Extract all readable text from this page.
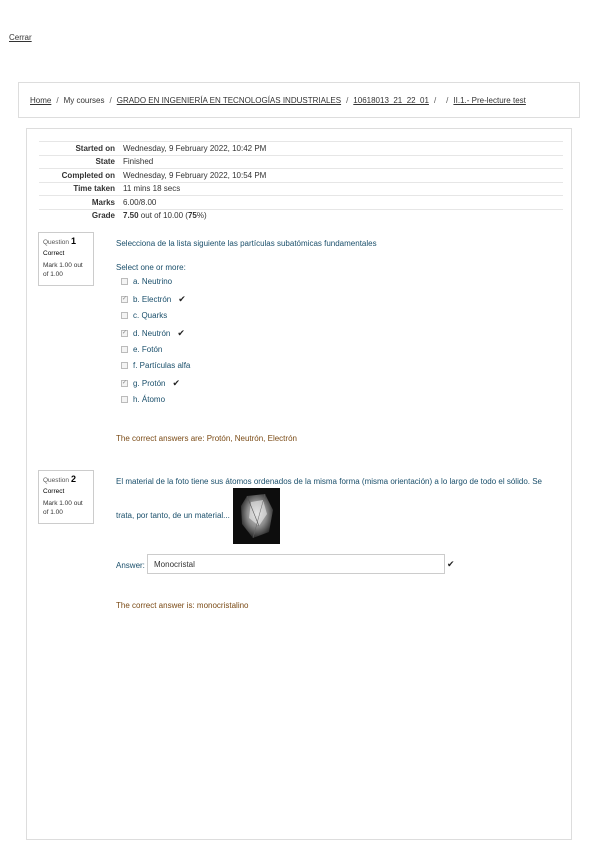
Cerrar
Home / My courses / GRADO EN INGENIERÍA EN TECNOLOGÍAS INDUSTRIALES / 10618013_21_22_01 / / II.1.- Pre-lecture test
Started on	Wednesday, 9 February 2022, 10:42 PM
State	Finished
Completed on	Wednesday, 9 February 2022, 10:54 PM
Time taken	11 mins 18 secs
Marks	6.00/8.00
Grade	7.50 out of 10.00 (75%)
Question 1
Correct
Mark 1.00 out of 1.00
Selecciona de la lista siguiente las partículas subatómicas fundamentales
Select one or more:
a. Neutrino
✓ b. Electrón ✔
c. Quarks
✓ d. Neutrón ✔
e. Fotón
f. Partículas alfa
✓ g. Protón ✔
h. Átomo
The correct answers are: Protón, Neutrón, Electrón
Question 2
Correct
Mark 1.00 out of 1.00
El material de la foto tiene sus átomos ordenados de la misma forma (misma orientación) a lo largo de todo el sólido. Se
trata, por tanto, de un material...
Answer:
Monocristal	✔
The correct answer is: monocristalino
